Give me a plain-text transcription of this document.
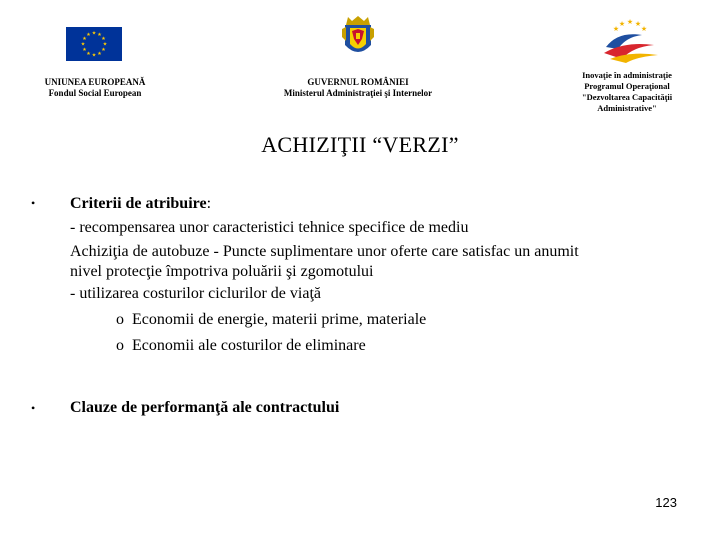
★ ★
★
★
★
★
★
★
★
★
★
★
UNIUNEA EUROPEANĂ
Fondul Social European
GUVERNUL ROMÂNIEI
Ministerul Administraţiei şi Internelor
★ ★ ★
★
★
Inovaţie în administraţie
Programul Operaţional
"Dezvoltarea Capacităţii
Administrative"
ACHIZIŢII “VERZI”
• Criterii de atribuire:
- recompensarea unor caracteristici tehnice specifice de mediu
Achiziţia de autobuze - Puncte suplimentare unor oferte care satisfac un anumit
nivel protecţie împotriva poluării şi zgomotului
- utilizarea costurilor ciclurilor de viaţă
o Economii de energie, materii prime, materiale
o Economii ale costurilor de eliminare
• Clauze de performanţă ale contractului
123
